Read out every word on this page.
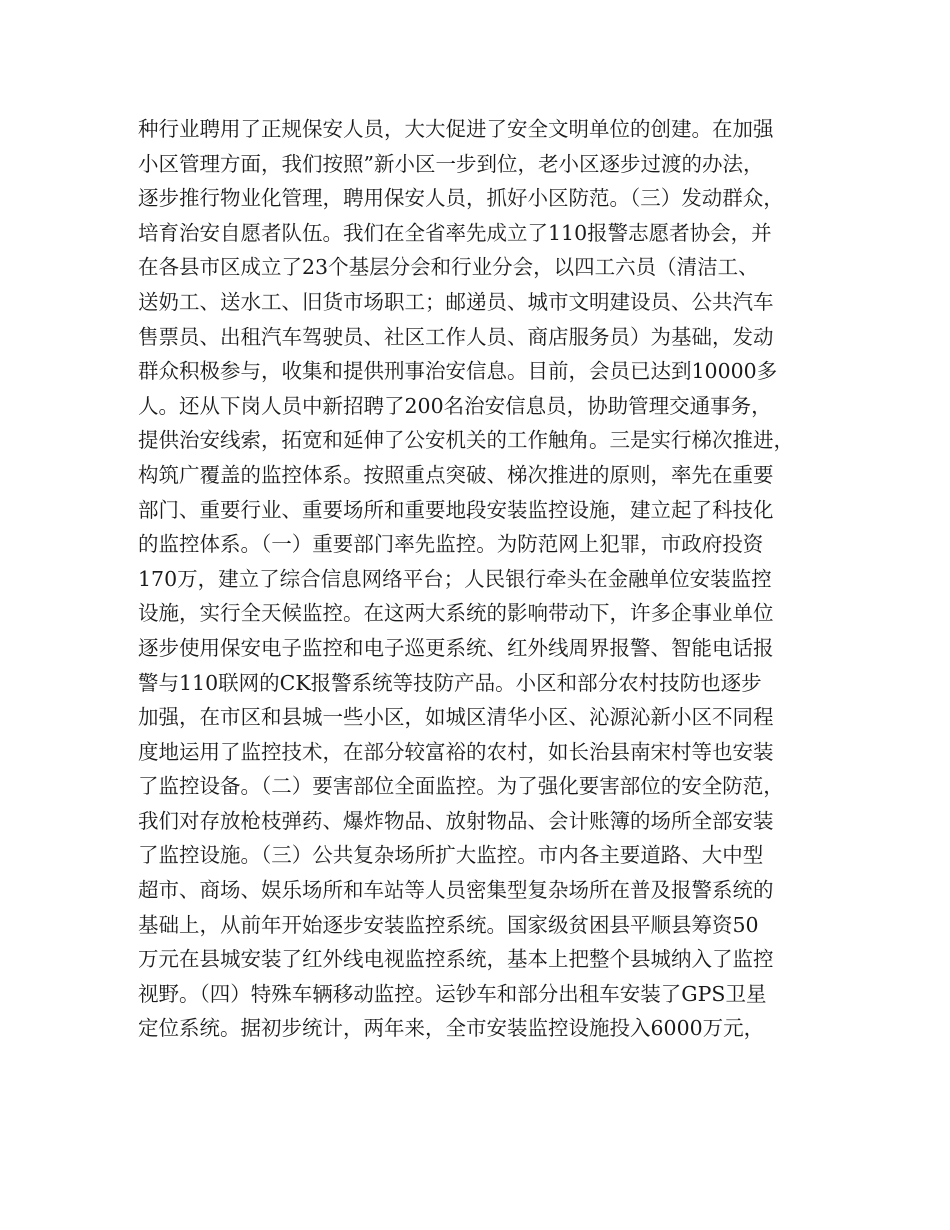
种行业聘用了正规保安人员，大大促进了安全文明单位的创建。在加强
小区管理方面，我们按照”新小区一步到位，老小区逐步过渡的办法，
逐步推行物业化管理，聘用保安人员，抓好小区防范。（三）发动群众，
培育治安自愿者队伍。我们在全省率先成立了110报警志愿者协会，并
在各县市区成立了23个基层分会和行业分会，以四工六员（清洁工、
送奶工、送水工、旧货市场职工；邮递员、城市文明建设员、公共汽车
售票员、出租汽车驾驶员、社区工作人员、商店服务员）为基础，发动
群众积极参与，收集和提供刑事治安信息。目前，会员已达到10000多
人。还从下岗人员中新招聘了200名治安信息员，协助管理交通事务，
提供治安线索，拓宽和延伸了公安机关的工作触角。三是实行梯次推进，
构筑广覆盖的监控体系。按照重点突破、梯次推进的原则，率先在重要
部门、重要行业、重要场所和重要地段安装监控设施，建立起了科技化
的监控体系。（一）重要部门率先监控。为防范网上犯罪，市政府投资
170万，建立了综合信息网络平台；人民银行牵头在金融单位安装监控
设施，实行全天候监控。在这两大系统的影响带动下，许多企事业单位
逐步使用保安电子监控和电子巡更系统、红外线周界报警、智能电话报
警与110联网的CK报警系统等技防产品。小区和部分农村技防也逐步
加强，在市区和县城一些小区，如城区清华小区、沁源沁新小区不同程
度地运用了监控技术，在部分较富裕的农村，如长治县南宋村等也安装
了监控设备。（二）要害部位全面监控。为了强化要害部位的安全防范，
我们对存放枪枝弹药、爆炸物品、放射物品、会计账簿的场所全部安装
了监控设施。（三）公共复杂场所扩大监控。市内各主要道路、大中型
超市、商场、娱乐场所和车站等人员密集型复杂场所在普及报警系统的
基础上，从前年开始逐步安装监控系统。国家级贫困县平顺县筹资50
万元在县城安装了红外线电视监控系统，基本上把整个县城纳入了监控
视野。（四）特殊车辆移动监控。运钞车和部分出租车安装了GPS卫星
定位系统。据初步统计，两年来，全市安装监控设施投入6000万元，
